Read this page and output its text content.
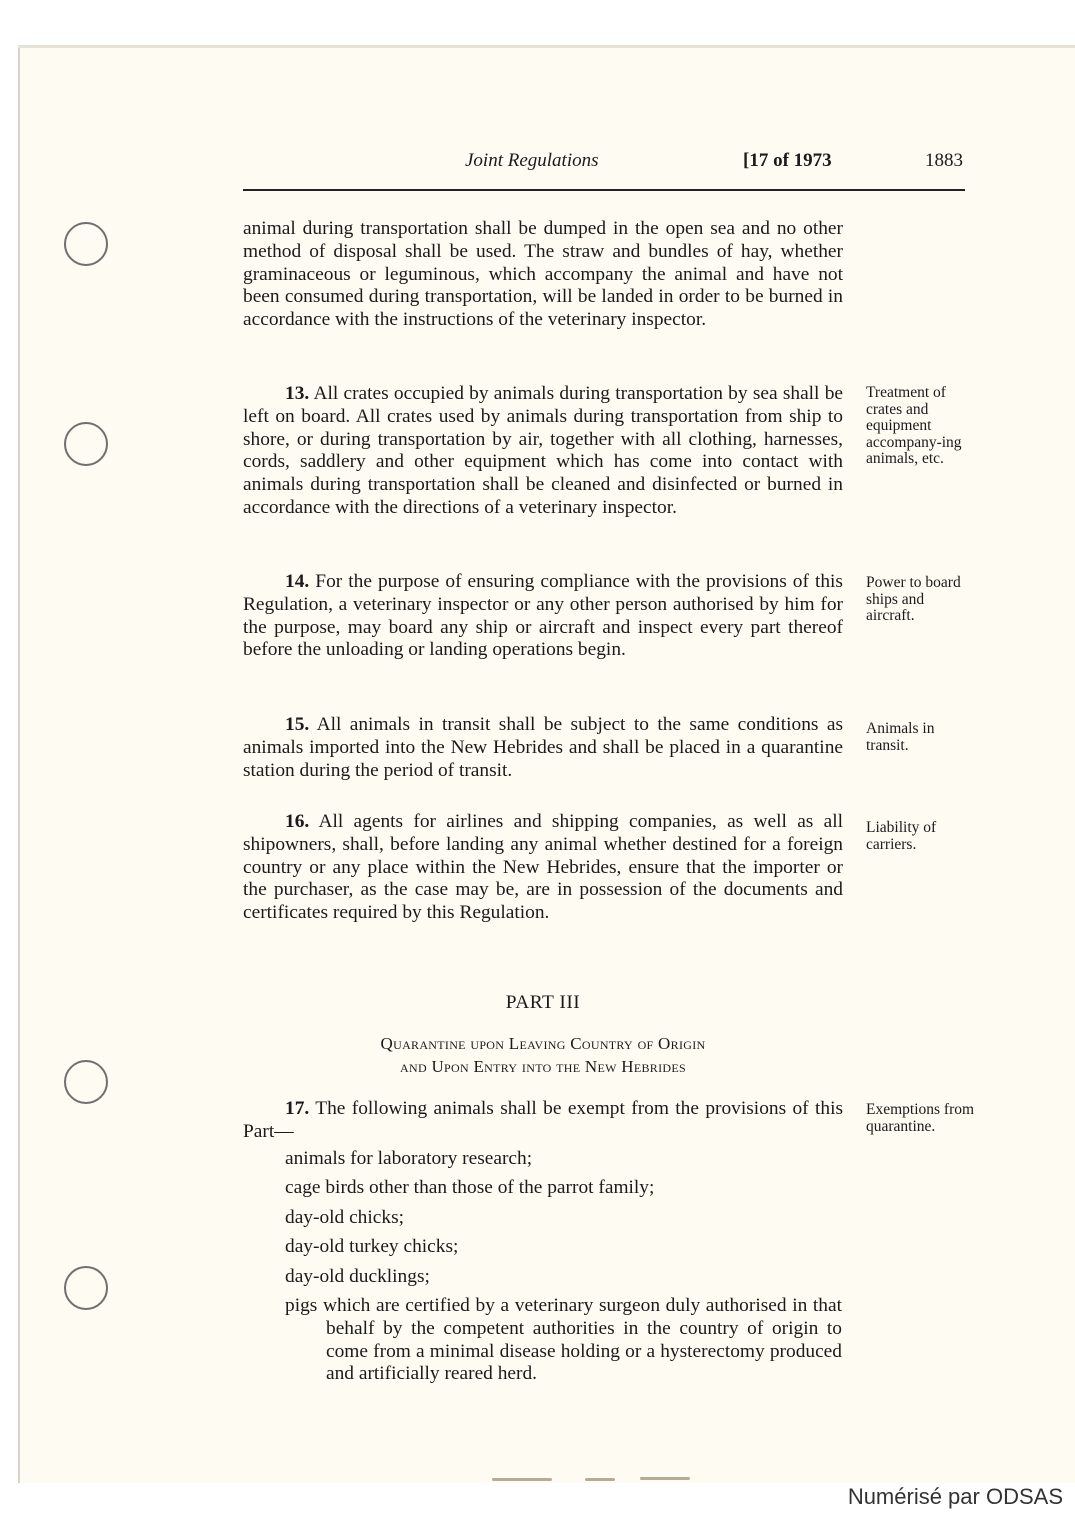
Joint Regulations	[17 of 1973	1883
animal during transportation shall be dumped in the open sea and no other method of disposal shall be used. The straw and bundles of hay, whether graminaceous or leguminous, which accompany the animal and have not been consumed during transportation, will be landed in order to be burned in accordance with the instructions of the veterinary inspector.
13. All crates occupied by animals during transportation by sea shall be left on board. All crates used by animals during transportation from ship to shore, or during transportation by air, together with all clothing, harnesses, cords, saddlery and other equipment which has come into contact with animals during transportation shall be cleaned and disinfected or burned in accordance with the directions of a veterinary inspector.
Treatment of crates and equipment accompany-ing animals, etc.
14. For the purpose of ensuring compliance with the provisions of this Regulation, a veterinary inspector or any other person authorised by him for the purpose, may board any ship or aircraft and inspect every part thereof before the unloading or landing operations begin.
Power to board ships and aircraft.
15. All animals in transit shall be subject to the same conditions as animals imported into the New Hebrides and shall be placed in a quarantine station during the period of transit.
Animals in transit.
16. All agents for airlines and shipping companies, as well as all shipowners, shall, before landing any animal whether destined for a foreign country or any place within the New Hebrides, ensure that the importer or the purchaser, as the case may be, are in possession of the documents and certificates required by this Regulation.
Liability of carriers.
PART III
Quarantine upon Leaving Country of Origin
and Upon Entry into the New Hebrides
17. The following animals shall be exempt from the provisions of this Part—
Exemptions from quarantine.
animals for laboratory research;
cage birds other than those of the parrot family;
day-old chicks;
day-old turkey chicks;
day-old ducklings;
pigs which are certified by a veterinary surgeon duly authorised in that behalf by the competent authorities in the country of origin to come from a minimal disease holding or a hysterectomy produced and artificially reared herd.
Numérisé par ODSAS
